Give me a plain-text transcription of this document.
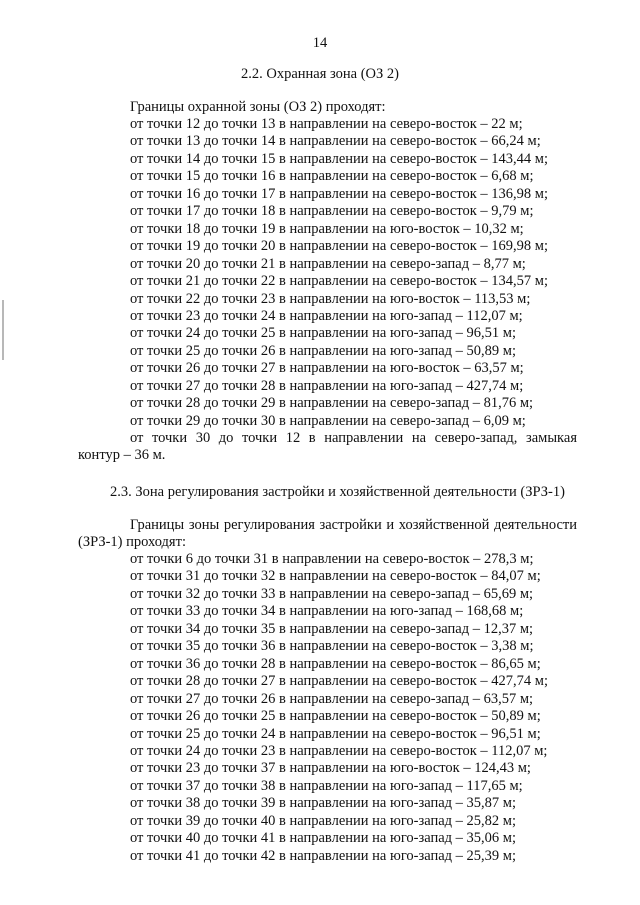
14
2.2. Охранная зона (ОЗ 2)
Границы охранной зоны (ОЗ 2) проходят:
от точки 12 до точки 13 в направлении на северо-восток – 22 м;
от точки 13 до точки 14 в направлении на северо-восток – 66,24 м;
от точки 14 до точки 15 в направлении на северо-восток – 143,44 м;
от точки 15 до точки 16 в направлении на северо-восток – 6,68 м;
от точки 16 до точки 17 в направлении на северо-восток – 136,98 м;
от точки 17 до точки 18 в направлении на северо-восток – 9,79 м;
от точки 18 до точки 19 в направлении на юго-восток – 10,32 м;
от точки 19 до точки 20 в направлении на северо-восток – 169,98 м;
от точки 20 до точки 21 в направлении на северо-запад – 8,77 м;
от точки 21 до точки 22 в направлении на северо-восток – 134,57 м;
от точки 22 до точки 23 в направлении на юго-восток – 113,53 м;
от точки 23 до точки 24 в направлении на юго-запад – 112,07 м;
от точки 24 до точки 25 в направлении на юго-запад – 96,51 м;
от точки 25 до точки 26 в направлении на юго-запад – 50,89 м;
от точки 26 до точки 27 в направлении на юго-восток – 63,57 м;
от точки 27 до точки 28 в направлении на юго-запад – 427,74 м;
от точки 28 до точки 29 в направлении на северо-запад – 81,76 м;
от точки 29 до точки 30 в направлении на северо-запад – 6,09 м;
от точки 30 до точки 12 в направлении на северо-запад, замыкая
контур – 36 м.
2.3. Зона регулирования застройки и хозяйственной деятельности (ЗРЗ-1)
Границы зоны регулирования застройки и хозяйственной деятельности
(ЗРЗ-1) проходят:
от точки 6 до точки 31 в направлении на северо-восток – 278,3 м;
от точки 31 до точки 32 в направлении на северо-восток – 84,07 м;
от точки 32 до точки 33 в направлении на северо-запад – 65,69 м;
от точки 33 до точки 34 в направлении на юго-запад – 168,68 м;
от точки 34 до точки 35 в направлении на северо-запад – 12,37 м;
от точки 35 до точки 36 в направлении на северо-восток – 3,38 м;
от точки 36 до точки 28 в направлении на северо-восток – 86,65 м;
от точки 28 до точки 27 в направлении на северо-восток – 427,74 м;
от точки 27 до точки 26 в направлении на северо-запад – 63,57 м;
от точки 26 до точки 25 в направлении на северо-восток – 50,89 м;
от точки 25 до точки 24 в направлении на северо-восток – 96,51 м;
от точки 24 до точки 23 в направлении на северо-восток – 112,07 м;
от точки 23 до точки 37 в направлении на юго-восток – 124,43 м;
от точки 37 до точки 38 в направлении на юго-запад – 117,65 м;
от точки 38 до точки 39 в направлении на юго-запад – 35,87 м;
от точки 39 до точки 40 в направлении на юго-запад – 25,82 м;
от точки 40 до точки 41 в направлении на юго-запад – 35,06 м;
от точки 41 до точки 42 в направлении на юго-запад – 25,39 м;
